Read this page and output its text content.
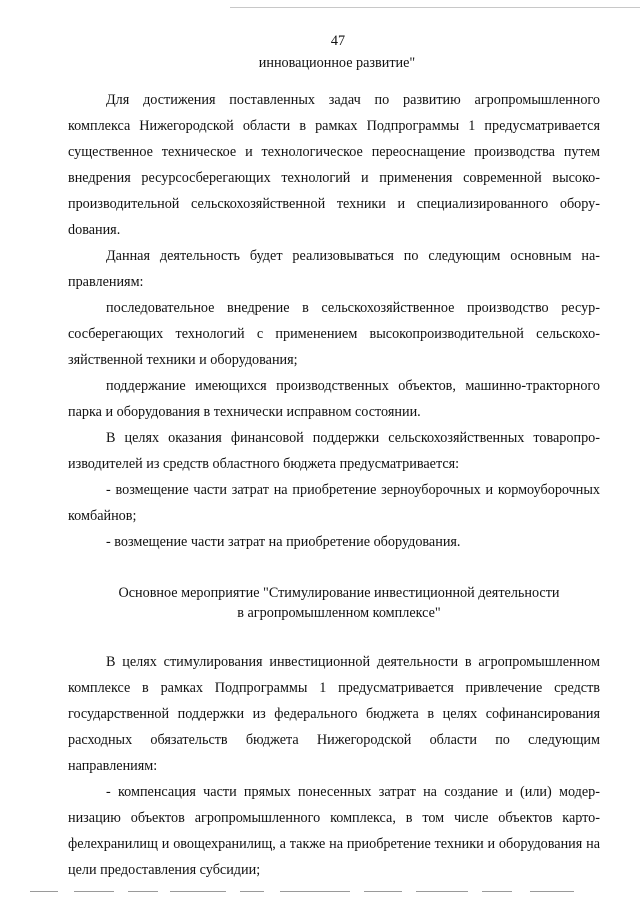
47

инновационное развитие"

Для достижения поставленных задач по развитию агропромышленного комплекса Нижегородской области в рамках Подпрограммы 1 предусматривается существенное техническое и технологическое переоснащение производства путем внедрения ресурсосберегающих технологий и применения современной высокопроизводительной сельскохозяйственной техники и специализированного оборуdования.

Данная деятельность будет реализовываться по следующим основным направлениям:

последовательное внедрение в сельскохозяйственное производство ресурсосберегающих технологий с применением высокопроизводительной сельскохозяйственной техники и оборудования;

поддержание имеющихся производственных объектов, машинно-тракторного парка и оборудования в технически исправном состоянии.

В целях оказания финансовой поддержки сельскохозяйственных товаропроизводителей из средств областного бюджета предусматривается:

- возмещение части затрат на приобретение зерноуборочных и кормоуборочных комбайнов;

- возмещение части затрат на приобретение оборудования.

Основное мероприятие "Стимулирование инвестиционной деятельности
в агропромышленном комплексе"

В целях стимулирования инвестиционной деятельности в агропромышленном комплексе в рамках Подпрограммы 1 предусматривается привлечение средств государственной поддержки из федерального бюджета в целях софинансирования расходных обязательств бюджета Нижегородской области по следующим направлениям:

- компенсация части прямых понесенных затрат на создание и (или) модернизацию объектов агропромышленного комплекса, в том числе объектов картофелехранилищ и овощехранилищ, а также на приобретение техники и оборудования на цели предоставления субсидии;
